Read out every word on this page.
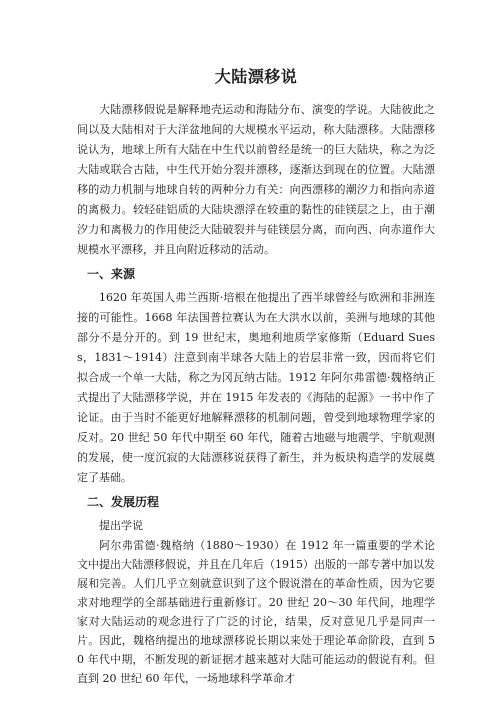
大陆漂移说

大陆漂移假说是解释地壳运动和海陆分布、演变的学说。大陆彼此之间以及大陆相对于大洋盆地间的大规模水平运动，称大陆漂移。大陆漂移说认为，地球上所有大陆在中生代以前曾经是统一的巨大陆块，称之为泛大陆或联合古陆，中生代开始分裂并漂移，逐渐达到现在的位置。大陆漂移的动力机制与地球自转的两种分力有关：向西漂移的潮汐力和指向赤道的离极力。较轻硅铝质的大陆块漂浮在较重的黏性的硅镁层之上，由于潮汐力和离极力的作用使泛大陆破裂并与硅镁层分离，而向西、向赤道作大规模水平漂移，并且向附近移动的活动。

一、来源

1620 年英国人弗兰西斯·培根在他提出了西半球曾经与欧洲和非洲连接的可能性。1668 年法国普拉赛认为在大洪水以前，美洲与地球的其他部分不是分开的。到 19 世纪末，奥地利地质学家修斯（Eduard Suess，1831～1914）注意到南半球各大陆上的岩层非常一致，因而将它们拟合成一个单一大陆，称之为冈瓦纳古陆。1912 年阿尔弗雷德·魏格纳正式提出了大陆漂移学说，并在 1915 年发表的《海陆的起源》一书中作了论证。由于当时不能更好地解释漂移的机制问题，曾受到地球物理学家的反对。20 世纪 50 年代中期至 60 年代，随着古地磁与地震学、宇航观测的发展，使一度沉寂的大陆漂移说获得了新生，并为板块构造学的发展奠定了基础。

二、发展历程

提出学说

阿尔弗雷德·魏格纳（1880～1930）在 1912 年一篇重要的学术论文中提出大陆漂移假说，并且在几年后（1915）出版的一部专著中加以发展和完善。人们几乎立刻就意识到了这个假说潜在的革命性质，因为它要求对地理学的全部基础进行重新修订。20 世纪 20～30 年代间，地理学家对大陆运动的观念进行了广泛的讨论，结果，反对意见几乎是同声一片。因此，魏格纳提出的地球漂移说长期以来处于理论革命阶段，直到 50 年代中期，不断发现的新证据才越来越对大陆可能运动的假说有利。但直到 20 世纪 60 年代，一场地球科学革命才
